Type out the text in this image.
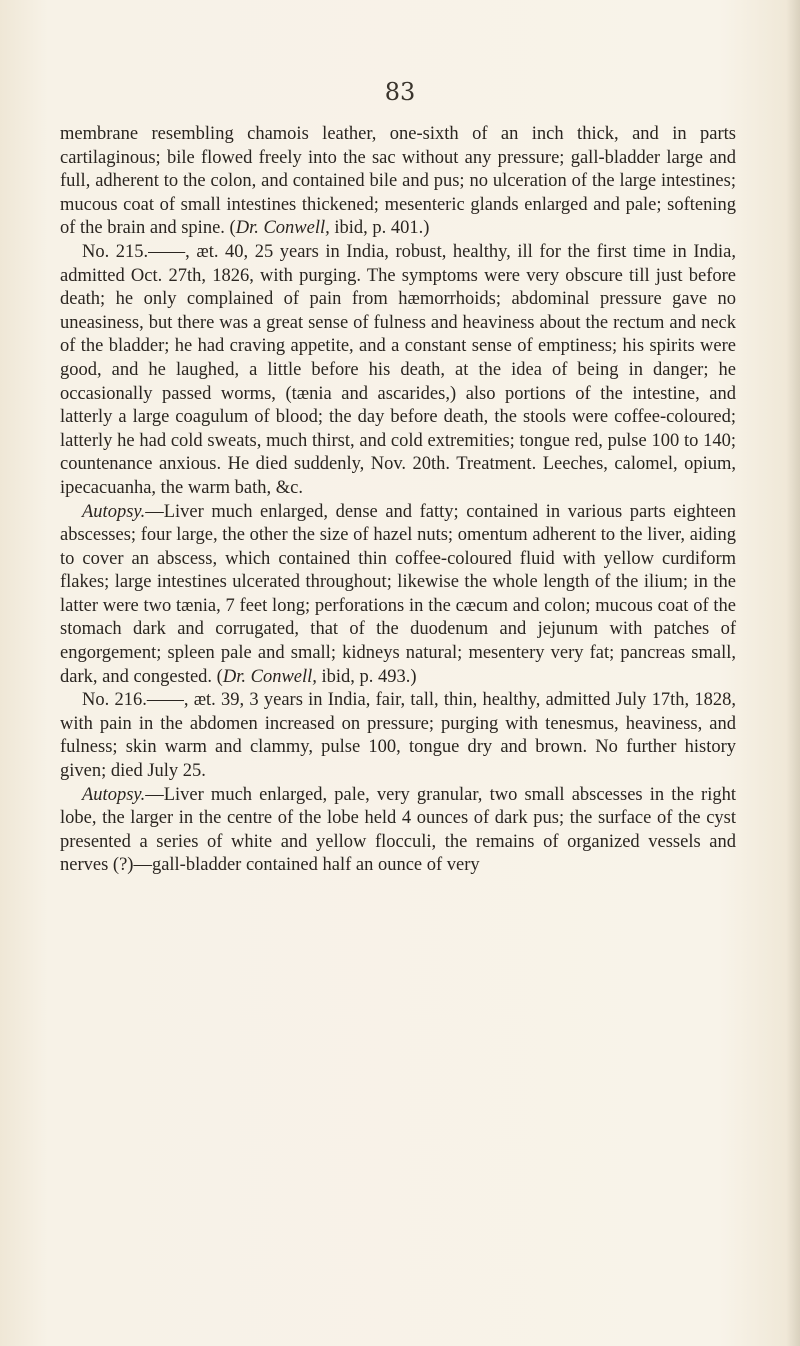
83

membrane resembling chamois leather, one-sixth of an inch thick, and in parts cartilaginous; bile flowed freely into the sac without any pressure; gall-bladder large and full, adherent to the colon, and contained bile and pus; no ulceration of the large intestines; mucous coat of small intestines thickened; mesenteric glands enlarged and pale; softening of the brain and spine. (Dr. Conwell, ibid, p. 401.)

No. 215.——, æt. 40, 25 years in India, robust, healthy, ill for the first time in India, admitted Oct. 27th, 1826, with purging. The symptoms were very obscure till just before death; he only complained of pain from hæmorrhoids; abdominal pressure gave no uneasiness, but there was a great sense of fulness and heaviness about the rectum and neck of the bladder; he had craving appetite, and a constant sense of emptiness; his spirits were good, and he laughed, a little before his death, at the idea of being in danger; he occasionally passed worms, (tænia and ascarides,) also portions of the intestine, and latterly a large coagulum of blood; the day before death, the stools were coffee-coloured; latterly he had cold sweats, much thirst, and cold extremities; tongue red, pulse 100 to 140; countenance anxious. He died suddenly, Nov. 20th. Treatment. Leeches, calomel, opium, ipecacuanha, the warm bath, &c.

Autopsy.—Liver much enlarged, dense and fatty; contained in various parts eighteen abscesses; four large, the other the size of hazel nuts; omentum adherent to the liver, aiding to cover an abscess, which contained thin coffee-coloured fluid with yellow curdiform flakes; large intestines ulcerated throughout; likewise the whole length of the ilium; in the latter were two tænia, 7 feet long; perforations in the cæcum and colon; mucous coat of the stomach dark and corrugated, that of the duodenum and jejunum with patches of engorgement; spleen pale and small; kidneys natural; mesentery very fat; pancreas small, dark, and congested. (Dr. Conwell, ibid, p. 493.)

No. 216.——, æt. 39, 3 years in India, fair, tall, thin, healthy, admitted July 17th, 1828, with pain in the abdomen increased on pressure; purging with tenesmus, heaviness, and fulness; skin warm and clammy, pulse 100, tongue dry and brown. No further history given; died July 25.

Autopsy.—Liver much enlarged, pale, very granular, two small abscesses in the right lobe, the larger in the centre of the lobe held 4 ounces of dark pus; the surface of the cyst presented a series of white and yellow flocculi, the remains of organized vessels and nerves (?)—gall-bladder contained half an ounce of very
